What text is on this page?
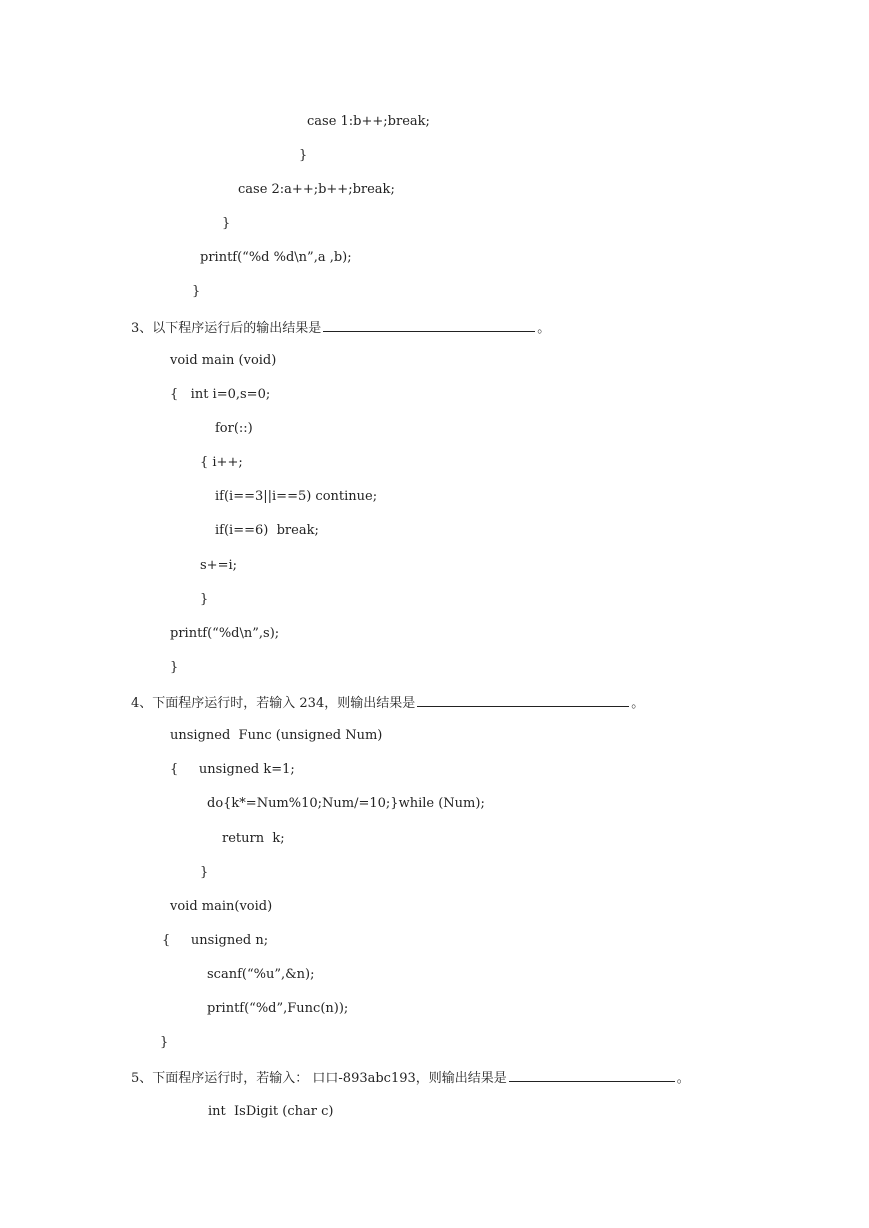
case 1:b++;break;
}
case 2:a++;b++;break;
}
printf(“%d %d\n”,a ,b);
}
3、以下程序运行后的输出结果是	。
void main (void)
{   int i=0,s=0;
for(::)
{ i++;
if(i==3||i==5) continue;
if(i==6)  break;
s+=i;
}
printf(“%d\n”,s);
}
4、下面程序运行时，若输入 234，则输出结果是	。
unsigned  Func (unsigned Num)
{     unsigned k=1;
do{k*=Num%10;Num/=10;}while (Num);
return  k;
}
void main(void)
{     unsigned n;
scanf(“%u”,&n);
printf(“%d”,Func(n));
}
5、下面程序运行时，若输入： 口口-893abc193，则输出结果是	。
int  IsDigit (char c)
